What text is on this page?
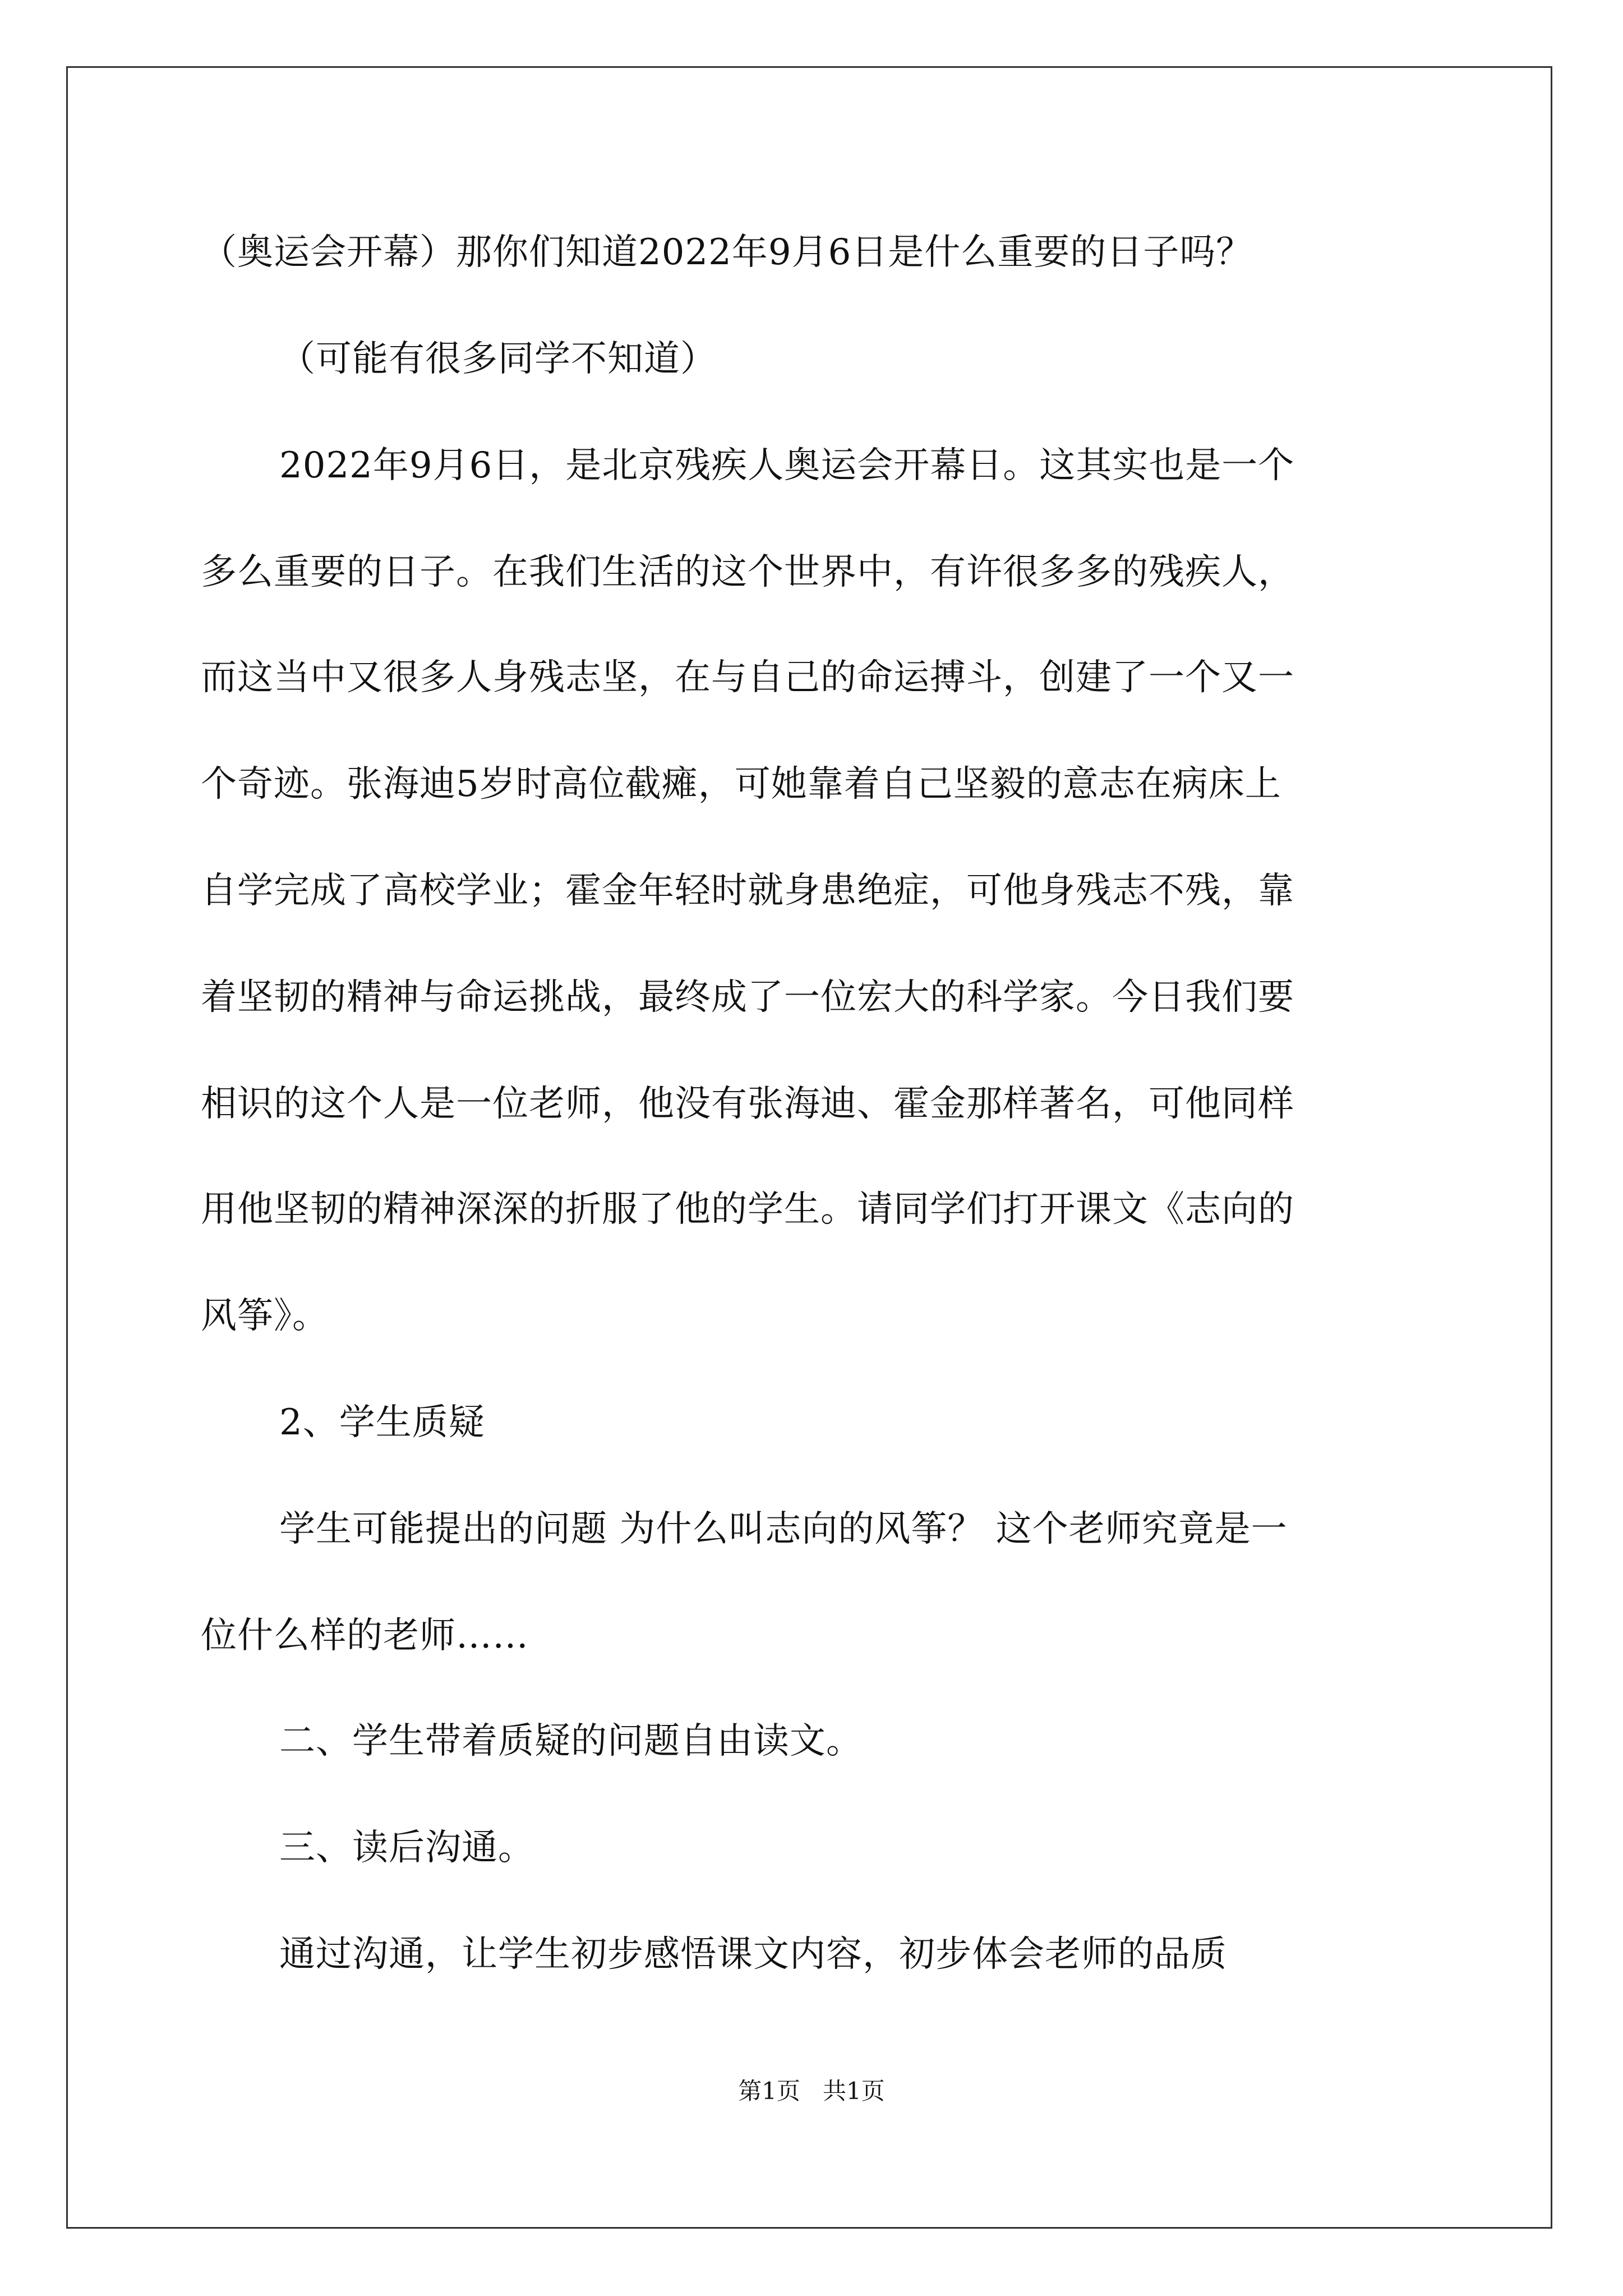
（奥运会开幕）那你们知道2022年9月6日是什么重要的日子吗？
（可能有很多同学不知道）
2022年9月6日，是北京残疾人奥运会开幕日。这其实也是一个
多么重要的日子。在我们生活的这个世界中，有许很多多的残疾人，
而这当中又很多人身残志坚，在与自己的命运搏斗，创建了一个又一
个奇迹。张海迪5岁时高位截瘫，可她靠着自己坚毅的意志在病床上
自学完成了高校学业；霍金年轻时就身患绝症，可他身残志不残，靠
着坚韧的精神与命运挑战，最终成了一位宏大的科学家。今日我们要
相识的这个人是一位老师，他没有张海迪、霍金那样著名，可他同样
用他坚韧的精神深深的折服了他的学生。请同学们打开课文《志向的
风筝》。
2、学生质疑
学生可能提出的问题 为什么叫志向的风筝？ 这个老师究竟是一
位什么样的老师……
二、学生带着质疑的问题自由读文。
三、读后沟通。
通过沟通，让学生初步感悟课文内容，初步体会老师的品质
第1页   共1页
